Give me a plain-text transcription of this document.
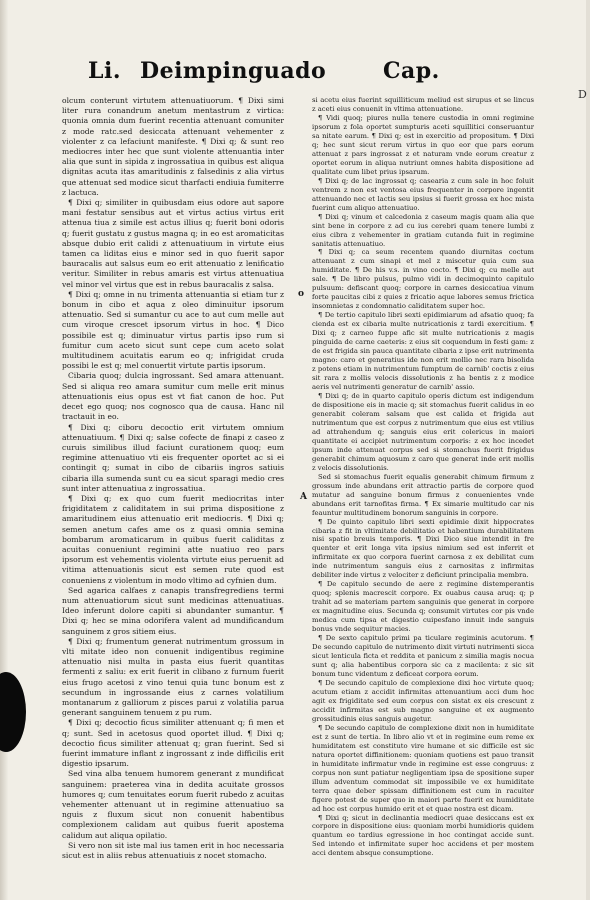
Li. Deimpinguado	Cap.
D

olcum conterunt virtutem attenuatiuorum. ¶ Dixi simi liter rura conandrum anetum mentastrum z virtica: quonia omnia dum fuerint recentia attenuant comuniter z mode ratc.sed desiccata attenuant vehementer z violenter z ca lefaciunt manifeste. ¶ Dixi q; & sunt reo mediocres inter hec que sunt violente attenuantia inter alia que sunt in sipida z ingrossatiua in quibus est aliqua dignitas acuta itas amaritudinis z falsedinis z alia virtus que attenuat sed modice sicut tharfacti endiuia fumiterre z lactuca.

¶ Dixi q; similiter in quibusdam eius odore aut sapore mani festatur sensibus aut et virtus actius virtus erit attenua tiua z simile est actus illius q; fuerit boni odoris q; fuerit gustatu z gustus magna q; in eo est aromaticitas absque dubio erit calidi z attenuatiuum in virtute eius tamen ca liditas eius e minor sed in quo fuerit sapor bauracalis aut salsus eum eo erit attenuatio z lenificatio veritur. Similiter in rebus amaris est virtus attenuatiua vel minor vel virtus que est in rebus bauracalis z salsa.

¶ Dixi q; omne in nu trimenta attenuantia si etiam tur z bonum in cibo et aqua z oleo diminuitur ipsorum attenuatio. Sed si sumantur cu ace to aut cum melle aut cum viroque crescet ipsorum virtus in hoc. ¶ Dico possibile est q; diminuatur virtus partis ipso rum si fumitur cum aceto sicut sunt cepe cum aceto solat multitudinem acuitatis earum eo q; infrigidat cruda possibi le est q; mel conuertit virtute partis ipsorum.

Cibaria quoq; dulcia ingrossant. Sed amara attenuant. Sed si aliqua reo amara sumitur cum melle erit minus attenuationis eius opus est vt fiat canon de hoc. Put decet ego quoq; nos cognosco qua de causa. Hanc nil tractauit in eo.

¶ Dixi q; ciboru decoctio erit virtutem omnium attenuatiuum. ¶ Dixi q; salse cofecte de finapi z caseo z curuis similibus illud faciunt curationem quoq; eum regimine attenuatiuo vti eis frequenter oportet ac si ei contingit q; sumat in cibo de cibariis ingros satiuis cibaria illa sumenda sunt cu ea sicut sparagi medio cres sunt inter attenuatiua z ingrossatiua.

¶ Dixi q; ex quo cum fuerit mediocritas inter frigiditatem z caliditatem in sui prima dispositione z amaritudinem eius attenuatio erit mediocris. ¶ Dixi q; semen anetum cafes ame os z quasi omnia semina bombarum aromaticarum in quibus fuerit caliditas z acuitas conueniunt regimini atte nuatiuo reo pars ipsorum est vehementis violenta virtute eius peruenit ad vitima attenuationis sicut est semen rute quod est conueniens z violentum in modo vltimo ad cyfnien dum.

Sed agarica calfaes z canapis transfregrediens termi num attenuatiorum sicut sunt medicinas attenuatiuas. Ideo inferunt dolore capiti si abundanter sumantur. ¶ Dixi q; hec se mina odorifera valent ad mundificandum sanguinem z gros sitiem eius.

¶ Dixi q; frumentum generat nutrimentum grossum in vlti mitate ideo non conuenit indigentibus regimine attenuatio nisi multa in pasta eius fuerit quantitas fermenti z saliu: ex erit fuerit in clibano z furnum fuerit eius frugo acetosi z vino tenui quia tunc bonum est z secundum in ingrossande eius z carnes volatilium montanarum z galliorum z pisces parui z volatilia parua generant sanguinem tenuem z pu rum.

¶ Dixi q; decoctio ficus similiter attenuant q; fi men et q; sunt. Sed in acetosus quod oportet illud. ¶ Dixi q; decoctio ficus similiter attenuat q; gran fuerint. Sed si fuerint immature inflant z ingrossant z inde difficilis erit digestio ipsarum.

Sed vina alba tenuem humorem generant z mundificat sanguinem: praeterea vina in dedita acuitate grossos humores q; cum tenuitates eorum fuerit rubedo z acuitas vehementer attenuant ut in regimine attenuatiuo sa nguis z fluxum sicut non conuenit habentibus complexionem calidam aut quibus fuerit apostema calidum aut aliqua opilatio.

Si vero non sit iste mal ius tamen erit in hoc necessaria sicut est in aliis rebus attenuatiuis z nocet stomacho.

o
A

si acetu eius fuerint squilliticum meliud est sirupus et se lincus z aceti eius conuenit in vltima attenuatione.

¶ Vidi quoq; piures nulla tenere custodia in omni regimine ipsorum z fola oportet sumpturis aceti squillitici conseruantur sa nitate earum. ¶ Dixi q; est in exercitio ad propositum. ¶ Dixi q; hec sunt sicut rerum virtus in quo eor que pars eorum attenuat z pars ingrossat z et naturam vnde eorum creatur z oportet eorum in aliqua nutriunt omnes habita dispositione ad qualitate cum libet prius ipsarum.

¶ Dixi q; de lac ingrossat q; casearia z cum sale in hoc foluit ventrem z non est ventosa eius frequenter in corpore ingentit attenuando nec et lactis seu ipsius si fuerit grossa ex hoc mista fuerint cum aliquo attenuatiuo.

¶ Dixi q; vinum et calcedonia z caseum magis quam alia que sint bene in corpore z ad cu ius cerebri quam tenere lumbi z eius cibra z vehementer in gratiam cutanda fuit in regimine sanitatis attenuatiuo.

¶ Dixi q; ca seum recentem quando diurnitas coctum attenuant z cum sinapi et mel z miscetur quia cum sua humiditate. ¶ De his v.s. in vino cocto. ¶ Dixi q; cu melle aut sale. ¶ De libro pulsus, pulmo vidi in decimoquinto capitulo pulsuum: defiscant quoq; corpore in carnes desiccatiua vinum forte paucitas cibi z quies z fricatio aque labores semus frictica insomnietas z condomnatio caliditatem super hoc.

¶ De tertio capitulo libri sexti epidimiarum ad afsatio quoq; fa cienda est ex cibaria multe nutricationis z tardi exercitium. ¶ Dixi q; z carneo fuppe afic sit multe nutricationis z magis pinguida de carne caeteris: z eius sit coquendum in festi gam: z de est frigida sin pauca quantitate cibaria z ipse erit nutrimenta magno: caro et generatius ide non erit mollio nec rara bisolida z potens etiam in nutrimentum fumptum de carnib' coctis z eius sit rara z mollis velocis dissolutionis z ha bentis z z modice aeris vel nutrimenti generatur de carnib' assio.

¶ Dixi q; de in quarto capitulo operis dictum est indigendum de dispositione eis in macie q; sit stomachus fuerit calidus in eo generabit coleram salsam que est calida et frigida aut nutrimentum que est corpus z nutrimentum que eius est vtilius ad attrahendum q; sanguis eius erit colericus in maiori quantitate ei accipiet nutrimentum corporis: z ex hoc incedet ipsum inde attenuat corpus sed si stomachus fuerit frigidus generabit chimum aquosum z caro que generat inde erit mollis z velocis dissolutionis.

Sed si stomachus fuerit equalis generabit chimum firmum z grossum inde abundans erit attractio partis de corpore quod mutatur ad sanguine bonum firmus z conuenientes vnde abundans erit tarnofitas firma. ¶ Ex simarie multitudo car nis feauntur multitudinem bonorum sanguinis in corpore.

¶ De quinto capitulo libri sexti epidimie dixit hippocrates cibaria z fit in vltimitate debilitatio et habentium durabilitatem nisi spatio breuis temporis. ¶ Dixi Dico siue intendit in fre quenter et erit longa vita ipsius nimium sed est inferrit et infirmitate ex quo corpora fuerint carnosa z ex debilitat cum inde nutrimentum sanguis eius z carnositas z infirmitas debiliter inde virtus z velociter z deficiunt principalia membra.

¶ De capitulo secundo de aere z regimine distemperantis quoq; splenis macrescit corpore. Ex ouabus causa aruq: q; p trahit ad se materiam partem sanguinis que generat in corpore ex magnitudine eius. Secunda q; consumit virtutes cor pis vnde medica cum tipsa et digestio cuipesfano innuit inde sanguis bonus vnde sequitur macies.

¶ De sexto capitulo primi pa ticulare regiminis acutorum. ¶ De secundo capitulo de nutrimento dixit virtuti nutrimenti sicca sicut lenticula ficta et reddita et panicum z similia magis nocua sunt q; alia habentibus corpora sic ca z macilenta: z sic sit bonum tunc videntum z deficeat corpora eorum.

¶ De secundo capitulo de complexione dixi hoc virtute quoq; acutum etiam z accidit infirmitas attenuantium acci dum hoc agit ex frigiditate sed eum corpus con sistat ex eis crescunt z accidit infirmitas est sub magno sanguine et ex augmento grossitudinis eius sanguis augetur.

¶ De secundo capitulo de complexione dixit non in humiditate est z sunt de tertia. In libro alio vt et in regimine eum reme ex humiditatem est constituto vire humane et sic difficile est sic natura oportet diffinitionem: quoniam quotiens est pauo transit in humiditate infirmatur vnde in regimine est esse congruus: z corpus non sunt patiatur negligentiam ipsa de spositione super illum adventum commodat sit impossibile ve ex humiditate terra quae deber spissam diffinitionem est cum in racuiter figere potest de super quo in maiori parte fuerit ex humiditate ad hoc est corpus humido erit et et quae nostra est dicam.

¶ Dixi q; sicut in declinantia mediocri quae desiccans est ex corpore in dispositione eius: quoniam morbi humidioris quidem quantum eo tardius egressione in hoc contingat accide sunt. Sed intendo et infirmitate super hoc accidens et per mostem acci dentem absque consumptione.
